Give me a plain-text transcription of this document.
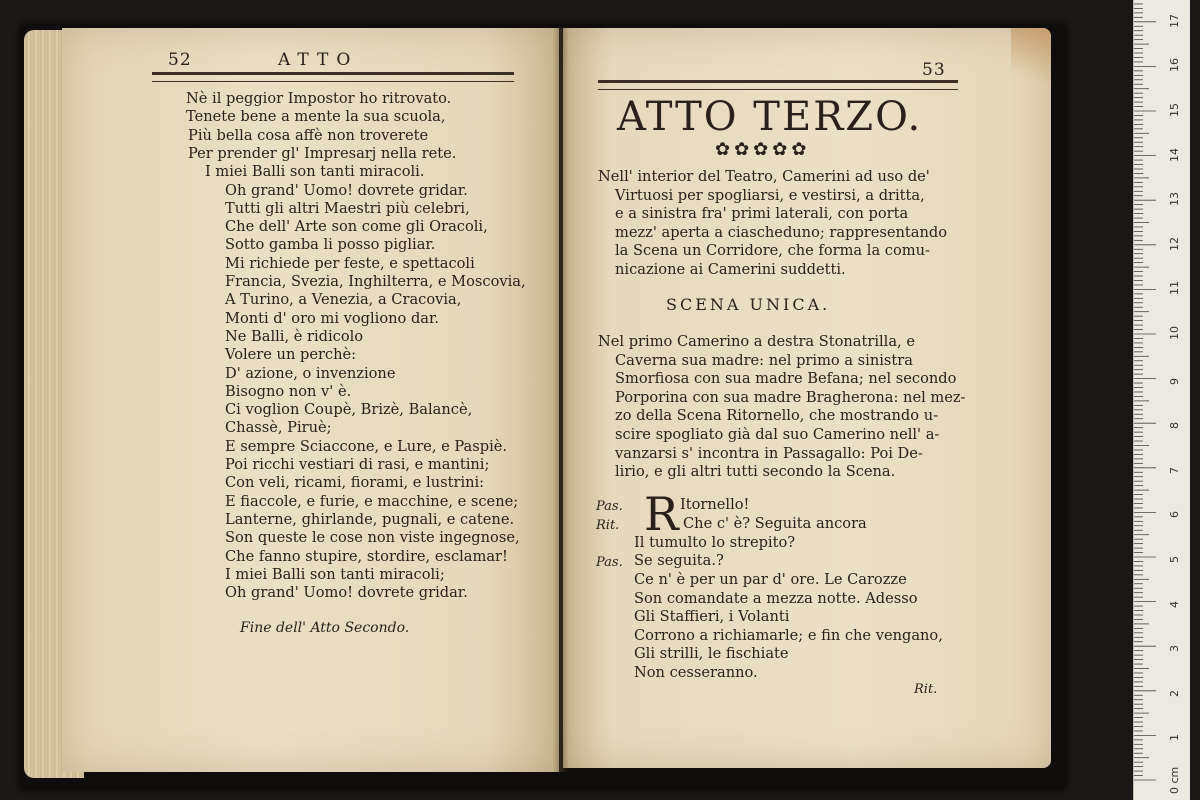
52	ATTO
Nè il peggior Impostor ho ritrovato.
Tenete bene a mente la sua scuola,
Più bella cosa affè non troverete
Per prender gl' Impresarj nella rete.
I miei Balli son tanti miracoli.
Oh grand' Uomo! dovrete gridar.
Tutti gli altri Maestri più celebri,
Che dell' Arte son come gli Oracoli,
Sotto gamba li posso pigliar.
Mi richiede per feste, e spettacoli
Francia, Svezia, Inghilterra, e Moscovia,
A Turino, a Venezia, a Cracovia,
Monti d' oro mi vogliono dar.
Ne Balli, è ridicolo
Volere un perchè:
D' azione, o invenzione
Bisogno non v' è.
Ci voglion Coupè, Brizè, Balancè,
Chassè, Piruè;
E sempre Sciaccone, e Lure, e Paspiè.
Poi ricchi vestiari di rasi, e mantini;
Con veli, ricami, fiorami, e lustrini:
E fiaccole, e furie, e macchine, e scene;
Lanterne, ghirlande, pugnali, e catene.
Son queste le cose non viste ingegnose,
Che fanno stupire, stordire, esclamar!
I miei Balli son tanti miracoli;
Oh grand' Uomo! dovrete gridar.
Fine dell' Atto Secondo.
53
ATTO TERZO.
✿✿✿✿✿
Nell' interior del Teatro, Camerini ad uso de'
Virtuosi per spogliarsi, e vestirsi, a dritta,
e a sinistra fra' primi laterali, con porta
mezz' aperta a ciascheduno; rappresentando
la Scena un Corridore, che forma la comu-
nicazione ai Camerini suddetti.
SCENA UNICA.
Nel primo Camerino a destra Stonatrilla, e
Caverna sua madre: nel primo a sinistra
Smorfiosa con sua madre Befana; nel secondo
Porporina con sua madre Bragherona: nel mez-
zo della Scena Ritornello, che mostrando u-
scire spogliato già dal suo Camerino nell' a-
vanzarsi s' incontra in Passagallo: Poi De-
lirio, e gli altri tutti secondo la Scena.
R
Pas.	Itornello!
Rit.	Che c' è? Seguita ancora
Il tumulto lo strepito?
Pas. Se seguita.?
Ce n' è per un par d' ore. Le Carozze
Son comandate a mezza notte. Adesso
Gli Staffieri, i Volanti
Corrono a richiamarle; e fin che vengano,
Gli strilli, le fischiate
Non cesseranno.
Rit.
0 cm
1
2
3
4
5
6
7
8
9
10
11
12
13
14
15
16
17
